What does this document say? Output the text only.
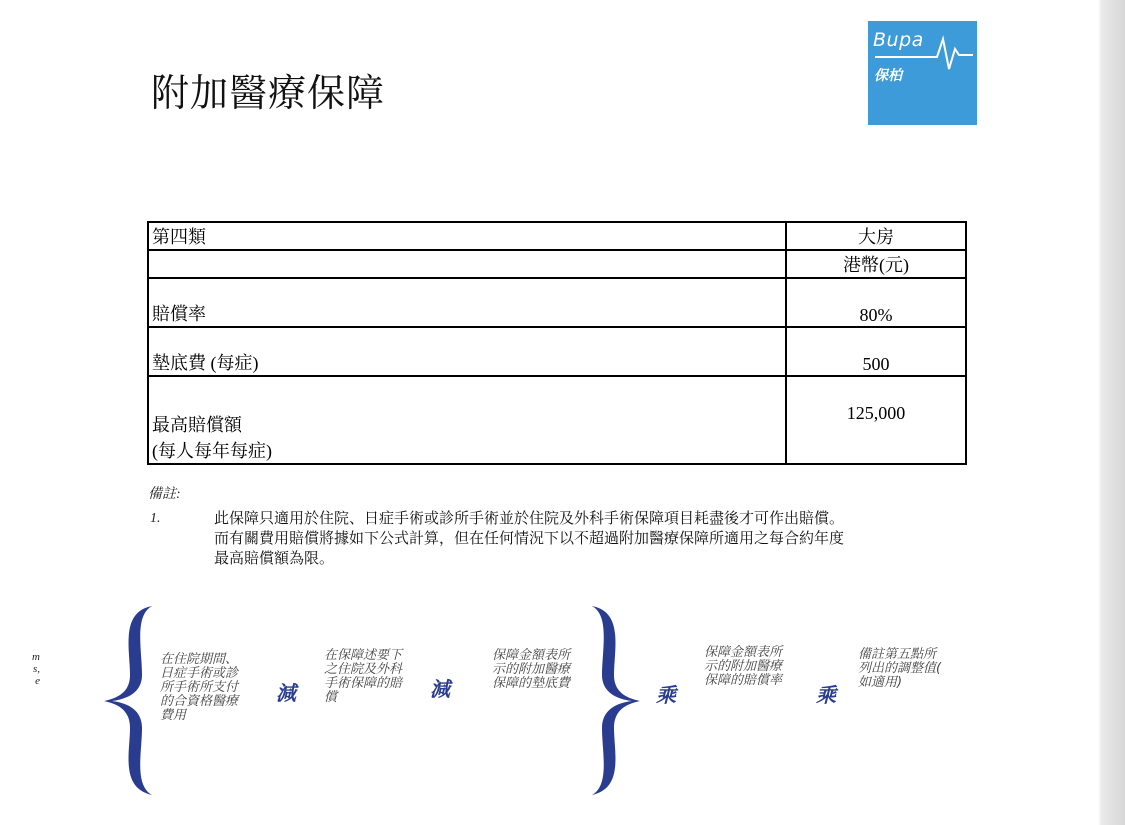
m
s,
e
附加醫療保障
Bupa
保柏
第四類	大房
	港幣(元)
賠償率	80%
墊底費 (每症)	500

最高賠償額
(每人每年每症)	125,000
備註:
1.	此保障只適用於住院、日症手術或診所手術並於住院及外科手術保障項目耗盡後才可作出賠償。
而有關費用賠償將據如下公式計算，但在任何情況下以不超過附加醫療保障所適用之每合約年度
最高賠償額為限。
在住院期間、
日症手術或診
所手術所支付
的合資格醫療
費用
減
在保障述要下
之住院及外科
手術保障的賠
償	減
保障金額表所
示的附加醫療
保障的墊底費	乘
保障金額表所
示的附加醫療
保障的賠償率
乘
備註第五點所
列出的調整值(
如適用)
